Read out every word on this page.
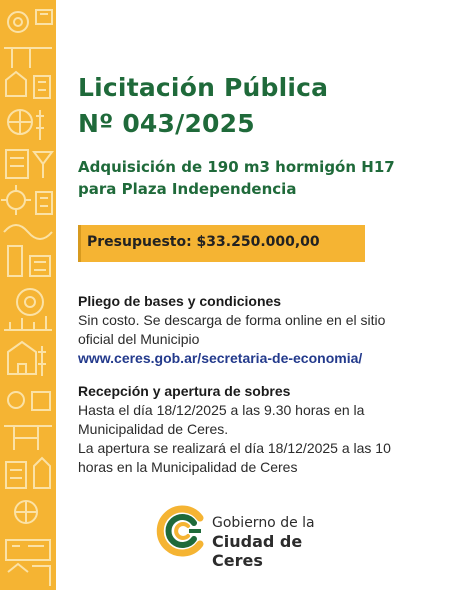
Licitación Pública
Nº 043/2025
Adquisición de 190 m3 hormigón H17
para Plaza Independencia
Presupuesto: $33.250.000,00
Pliego de bases y condiciones
Sin costo. Se descarga de forma online en el sitio
oficial del Municipio
www.ceres.gob.ar/secretaria-de-economia/
Recepción y apertura de sobres
Hasta el día 18/12/2025 a las 9.30 horas en la
Municipalidad de Ceres.
La apertura se realizará el día 18/12/2025 a las 10
horas en la Municipalidad de Ceres
Gobierno de la
Ciudad de Ceres
